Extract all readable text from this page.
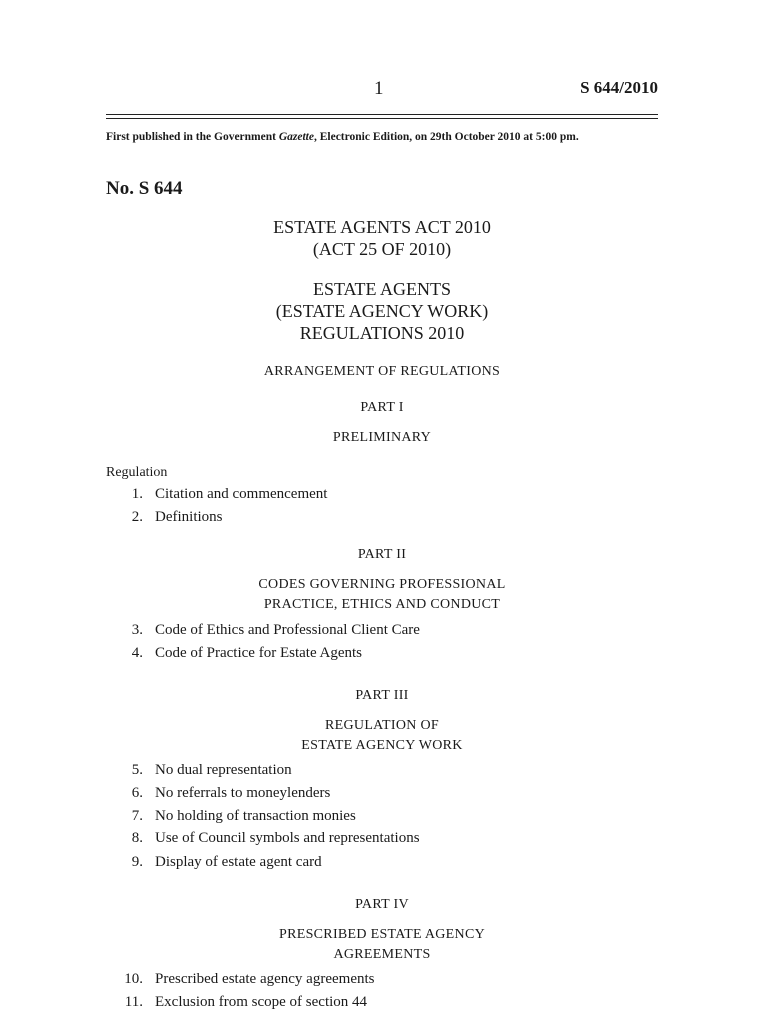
1	S 644/2010
First published in the Government Gazette, Electronic Edition, on 29th October 2010 at 5:00 pm.
No. S 644
ESTATE AGENTS ACT 2010
(ACT 25 OF 2010)
ESTATE AGENTS
(ESTATE AGENCY WORK)
REGULATIONS 2010
ARRANGEMENT OF REGULATIONS
PART I
PRELIMINARY
Regulation
1. Citation and commencement
2. Definitions
PART II
CODES GOVERNING PROFESSIONAL
PRACTICE, ETHICS AND CONDUCT
3. Code of Ethics and Professional Client Care
4. Code of Practice for Estate Agents
PART III
REGULATION OF
ESTATE AGENCY WORK
5. No dual representation
6. No referrals to moneylenders
7. No holding of transaction monies
8. Use of Council symbols and representations
9. Display of estate agent card
PART IV
PRESCRIBED ESTATE AGENCY
AGREEMENTS
10. Prescribed estate agency agreements
11. Exclusion from scope of section 44
